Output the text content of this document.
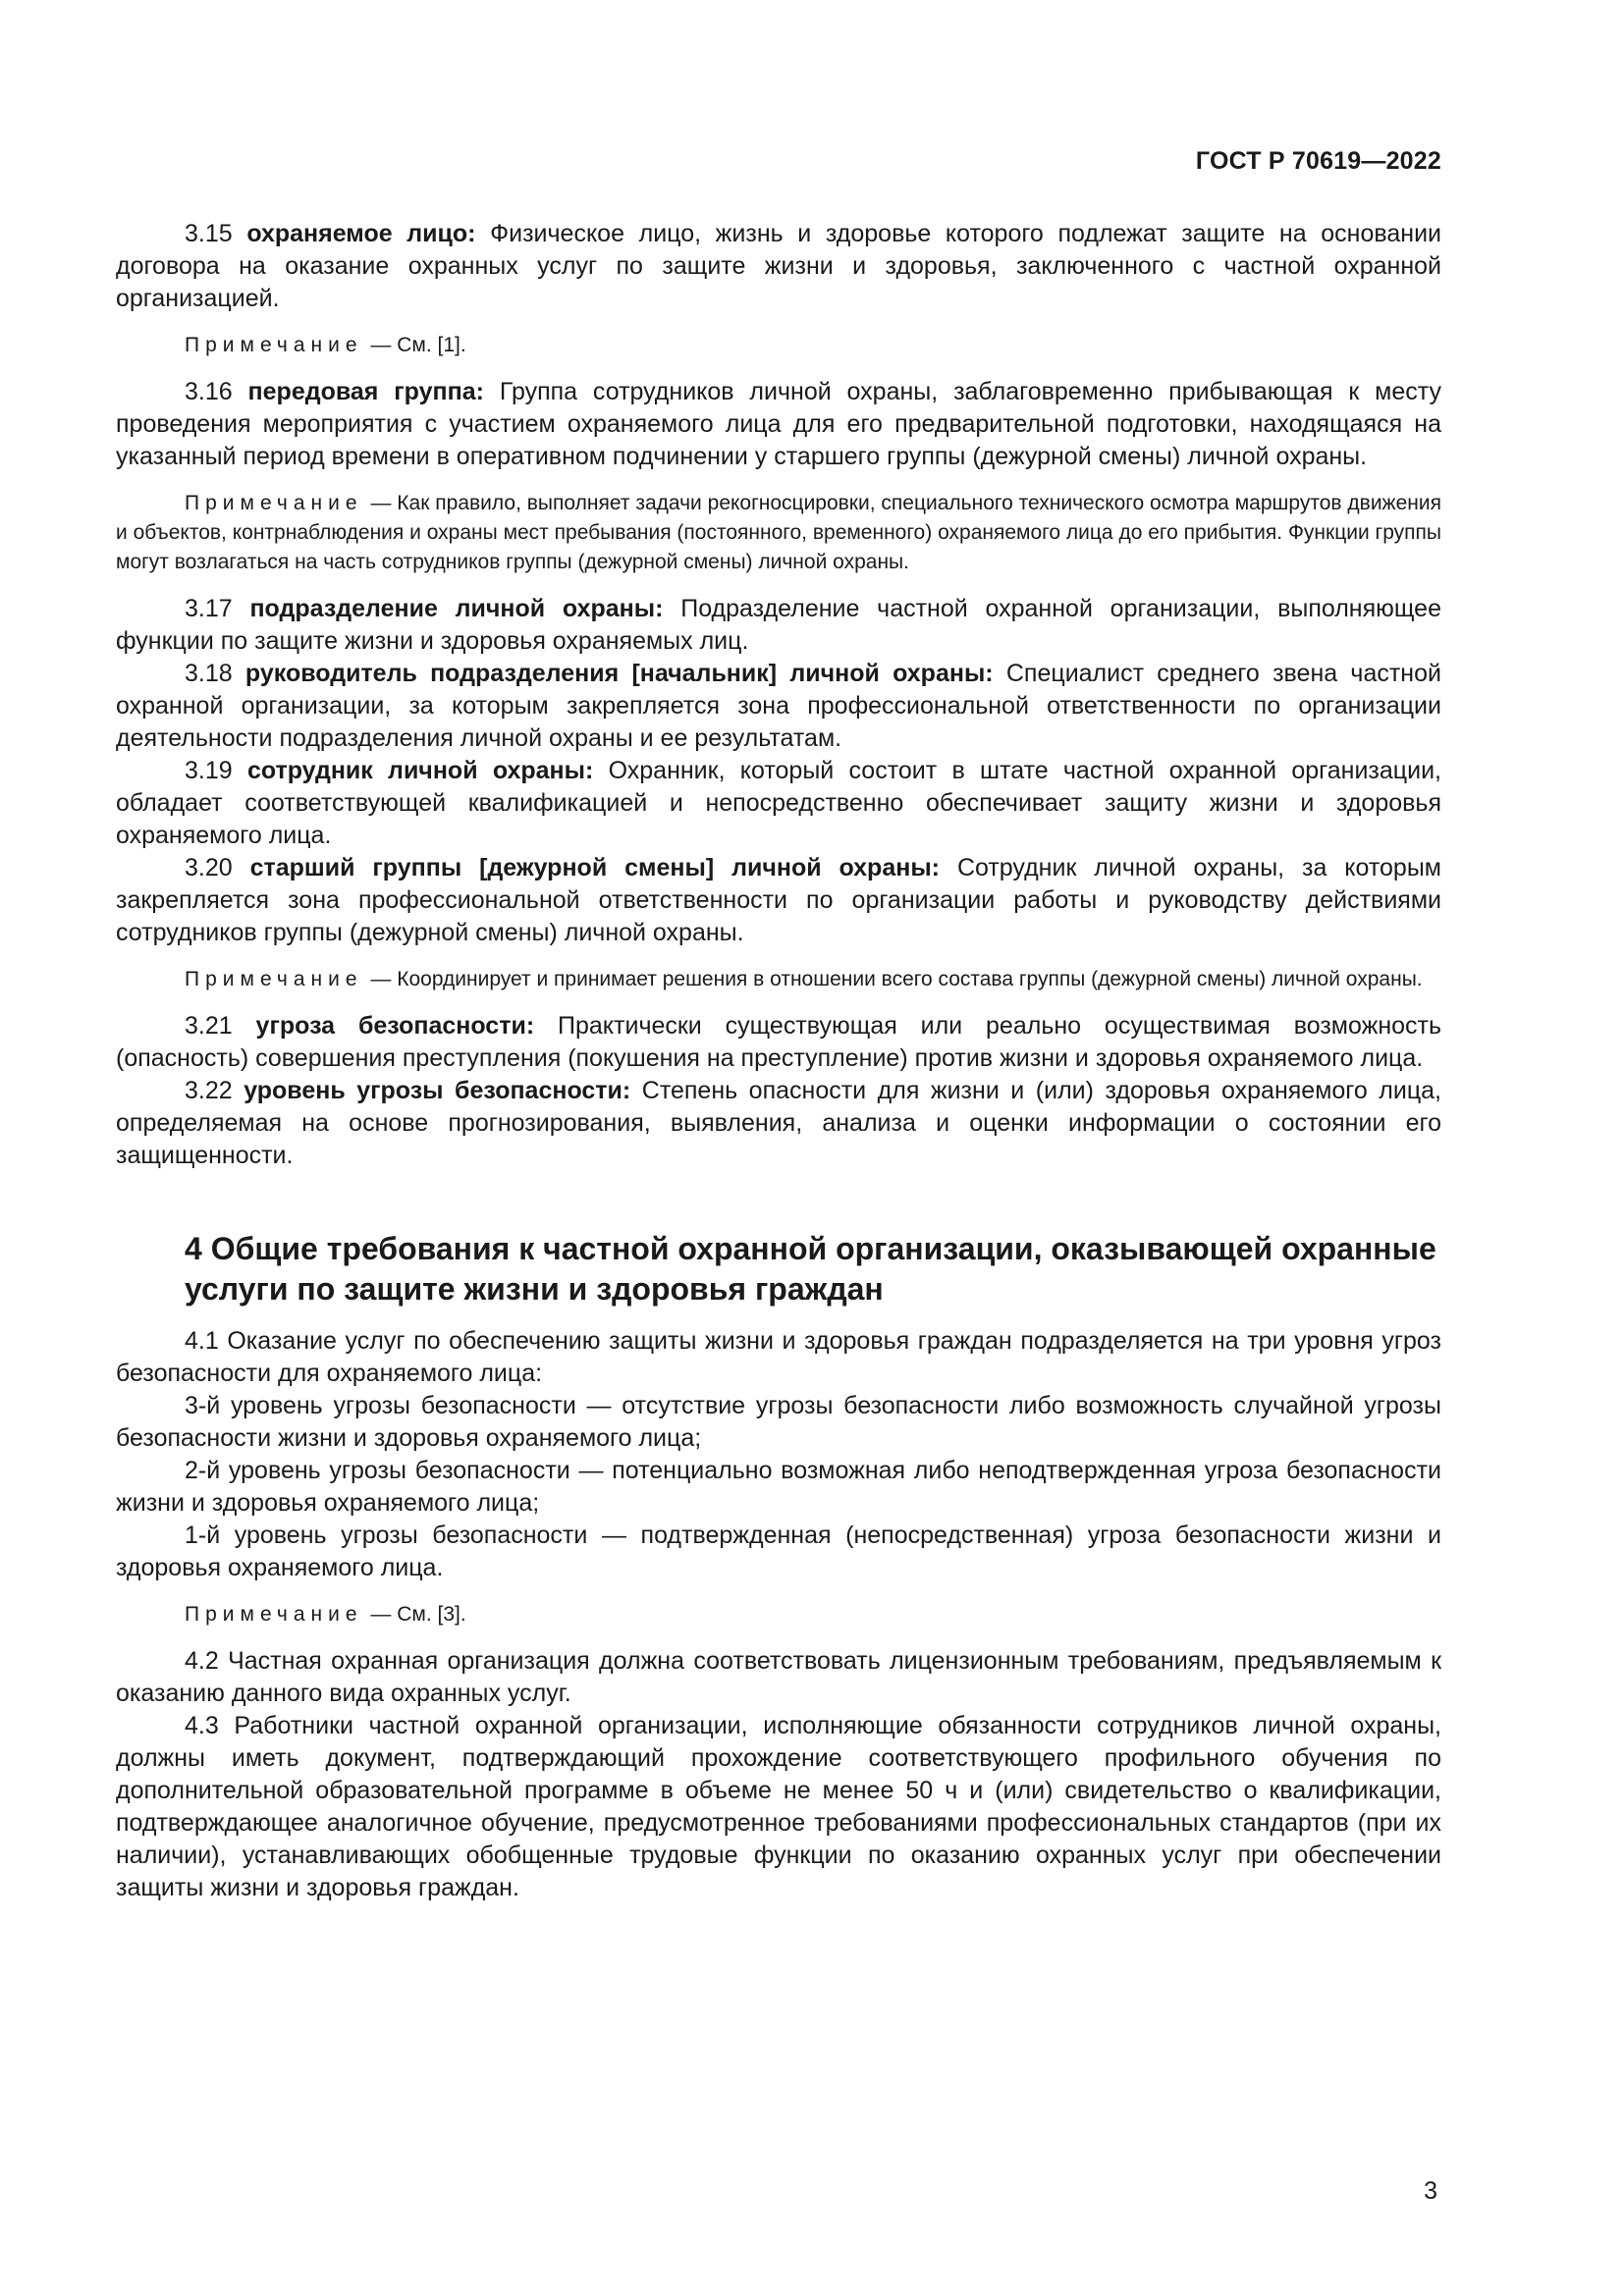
ГОСТ Р 70619—2022

3.15 охраняемое лицо: Физическое лицо, жизнь и здоровье которого подлежат защите на основании договора на оказание охранных услуг по защите жизни и здоровья, заключенного с частной охранной организацией.

Примечание — См. [1].

3.16 передовая группа: Группа сотрудников личной охраны, заблаговременно прибывающая к месту проведения мероприятия с участием охраняемого лица для его предварительной подготовки, находящаяся на указанный период времени в оперативном подчинении у старшего группы (дежурной смены) личной охраны.

Примечание — Как правило, выполняет задачи рекогносцировки, специального технического осмотра маршрутов движения и объектов, контрнаблюдения и охраны мест пребывания (постоянного, временного) охраняемого лица до его прибытия. Функции группы могут возлагаться на часть сотрудников группы (дежурной смены) личной охраны.

3.17 подразделение личной охраны: Подразделение частной охранной организации, выполняющее функции по защите жизни и здоровья охраняемых лиц.

3.18 руководитель подразделения [начальник] личной охраны: Специалист среднего звена частной охранной организации, за которым закрепляется зона профессиональной ответственности по организации деятельности подразделения личной охраны и ее результатам.

3.19 сотрудник личной охраны: Охранник, который состоит в штате частной охранной организации, обладает соответствующей квалификацией и непосредственно обеспечивает защиту жизни и здоровья охраняемого лица.

3.20 старший группы [дежурной смены] личной охраны: Сотрудник личной охраны, за которым закрепляется зона профессиональной ответственности по организации работы и руководству действиями сотрудников группы (дежурной смены) личной охраны.

Примечание — Координирует и принимает решения в отношении всего состава группы (дежурной смены) личной охраны.

3.21 угроза безопасности: Практически существующая или реально осуществимая возможность (опасность) совершения преступления (покушения на преступление) против жизни и здоровья охраняемого лица.

3.22 уровень угрозы безопасности: Степень опасности для жизни и (или) здоровья охраняемого лица, определяемая на основе прогнозирования, выявления, анализа и оценки информации о состоянии его защищенности.

4 Общие требования к частной охранной организации, оказывающей охранные услуги по защите жизни и здоровья граждан

4.1 Оказание услуг по обеспечению защиты жизни и здоровья граждан подразделяется на три уровня угроз безопасности для охраняемого лица:

3-й уровень угрозы безопасности — отсутствие угрозы безопасности либо возможность случайной угрозы безопасности жизни и здоровья охраняемого лица;

2-й уровень угрозы безопасности — потенциально возможная либо неподтвержденная угроза безопасности жизни и здоровья охраняемого лица;

1-й уровень угрозы безопасности — подтвержденная (непосредственная) угроза безопасности жизни и здоровья охраняемого лица.

Примечание — См. [3].

4.2 Частная охранная организация должна соответствовать лицензионным требованиям, предъявляемым к оказанию данного вида охранных услуг.

4.3 Работники частной охранной организации, исполняющие обязанности сотрудников личной охраны, должны иметь документ, подтверждающий прохождение соответствующего профильного обучения по дополнительной образовательной программе в объеме не менее 50 ч и (или) свидетельство о квалификации, подтверждающее аналогичное обучение, предусмотренное требованиями профессиональных стандартов (при их наличии), устанавливающих обобщенные трудовые функции по оказанию охранных услуг при обеспечении защиты жизни и здоровья граждан.

3
